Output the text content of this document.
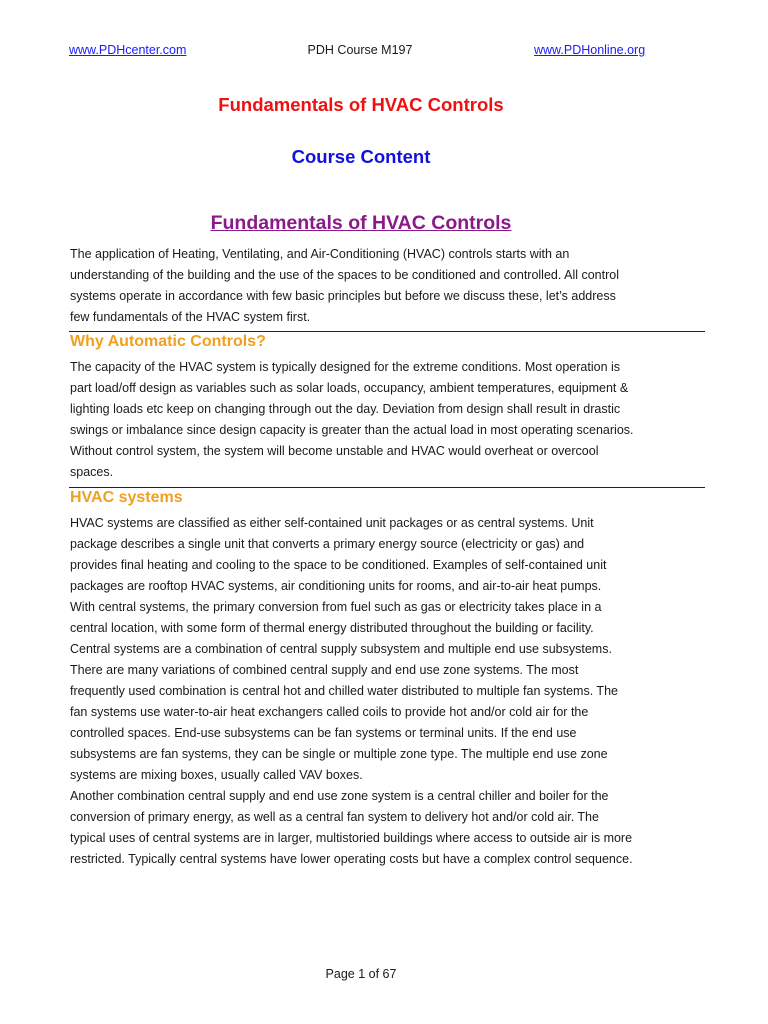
www.PDHcenter.com	PDH Course M197	www.PDHonline.org
Fundamentals of HVAC Controls
Course Content
Fundamentals of HVAC Controls

The application of Heating, Ventilating, and Air-Conditioning (HVAC) controls starts with an
understanding of the building and the use of the spaces to be conditioned and controlled. All control
systems operate in accordance with few basic principles but before we discuss these, let’s address
few fundamentals of the HVAC system first.

Why Automatic Controls?

The capacity of the HVAC system is typically designed for the extreme conditions. Most operation is
part load/off design as variables such as solar loads, occupancy, ambient temperatures, equipment &
lighting loads etc keep on changing through out the day. Deviation from design shall result in drastic
swings or imbalance since design capacity is greater than the actual load in most operating scenarios.
Without control system, the system will become unstable and HVAC would overheat or overcool
spaces.

HVAC systems

HVAC systems are classified as either self-contained unit packages or as central systems. Unit
package describes a single unit that converts a primary energy source (electricity or gas) and
provides final heating and cooling to the space to be conditioned. Examples of self-contained unit
packages are rooftop HVAC systems, air conditioning units for rooms, and air-to-air heat pumps.
With central systems, the primary conversion from fuel such as gas or electricity takes place in a
central location, with some form of thermal energy distributed throughout the building or facility.
Central systems are a combination of central supply subsystem and multiple end use subsystems.
There are many variations of combined central supply and end use zone systems. The most
frequently used combination is central hot and chilled water distributed to multiple fan systems. The
fan systems use water-to-air heat exchangers called coils to provide hot and/or cold air for the
controlled spaces. End-use subsystems can be fan systems or terminal units. If the end use
subsystems are fan systems, they can be single or multiple zone type. The multiple end use zone
systems are mixing boxes, usually called VAV boxes.
Another combination central supply and end use zone system is a central chiller and boiler for the
conversion of primary energy, as well as a central fan system to delivery hot and/or cold air. The
typical uses of central systems are in larger, multistoried buildings where access to outside air is more
restricted. Typically central systems have lower operating costs but have a complex control sequence.

Page 1 of 67
